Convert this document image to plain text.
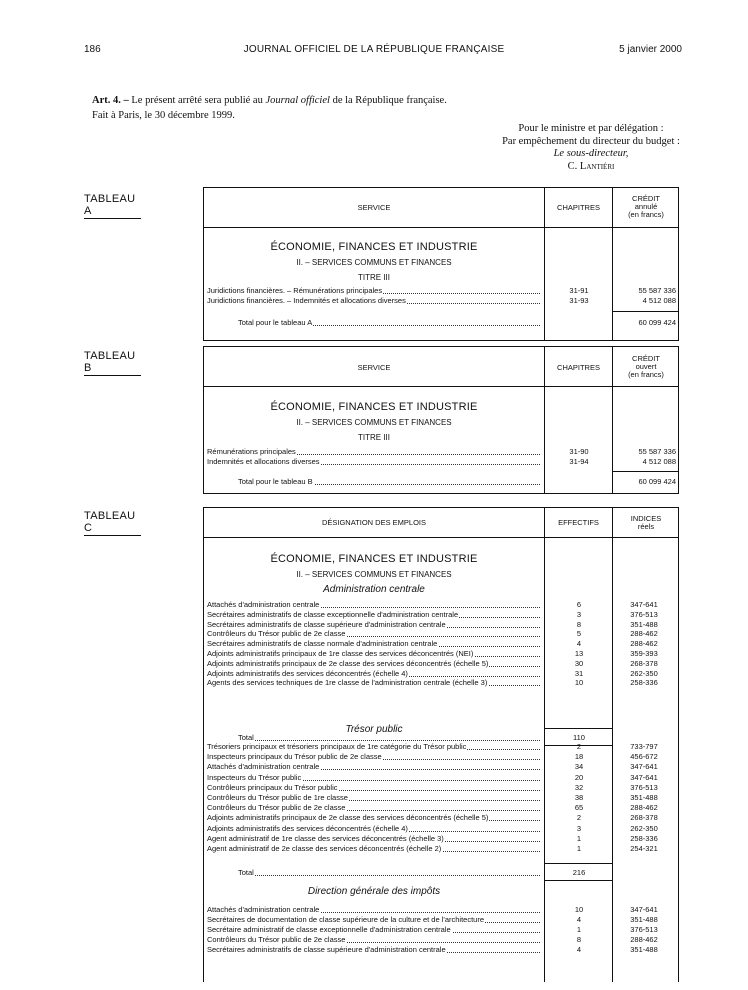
186	JOURNAL OFFICIEL DE LA RÉPUBLIQUE FRANÇAISE	5 janvier 2000
Art. 4. – Le présent arrêté sera publié au Journal officiel de la République française.
Fait à Paris, le 30 décembre 1999.
Pour le ministre et par délégation :
Par empêchement du directeur du budget :
Le sous-directeur,
C. Lantiéri
TABLEAU A	SERVICE	CHAPITRES
CRÉDIT
annulé
(en francs)
ÉCONOMIE, FINANCES ET INDUSTRIE
II. – SERVICES COMMUNS ET FINANCES
TITRE III
Juridictions financières. – Rémunérations principales	31-91	55 587 336
Juridictions financières. – Indemnités et allocations diverses	31-93	4 512 088
Total pour le tableau A	60 099 424
TABLEAU B	SERVICE	CHAPITRES
CRÉDIT
ouvert
(en francs)
ÉCONOMIE, FINANCES ET INDUSTRIE
II. – SERVICES COMMUNS ET FINANCES
TITRE III
Rémunérations principales	31-90	55 587 336
Indemnités et allocations diverses	31-94	4 512 088
Total pour le tableau B	60 099 424
TABLEAU C	DÉSIGNATION DES EMPLOIS	EFFECTIFS	INDICES
réels
ÉCONOMIE, FINANCES ET INDUSTRIE
II. – SERVICES COMMUNS ET FINANCES
Administration centrale
Attachés d'administration centrale	6	347-641
Secrétaires administratifs de classe exceptionnelle d'administration centrale	3	376-513
Secrétaires administratifs de classe supérieure d'administration centrale	8	351-488
Contrôleurs du Trésor public de 2e classe	5	288-462
Secrétaires administratifs de classe normale d'administration centrale	4	288-462
Adjoints administratifs principaux de 1re classe des services déconcentrés (NEI)	13	359-393
Adjoints administratifs principaux de 2e classe des services déconcentrés (échelle 5)	30	268-378
Adjoints administratifs des services déconcentrés (échelle 4)	31	262-350
Agents des services techniques de 1re classe de l'administration centrale (échelle 3)	10	258-336
Total	110
Trésor public
Trésoriers principaux et trésoriers principaux de 1re catégorie du Trésor public	2	733-797
Inspecteurs principaux du Trésor public de 2e classe	18	456-672
Attachés d'administration centrale	34	347-641
Inspecteurs du Trésor public	20	347-641
Contrôleurs principaux du Trésor public	32	376-513
Contrôleurs du Trésor public de 1re classe	38	351-488
Contrôleurs du Trésor public de 2e classe	65	288-462
Adjoints administratifs principaux de 2e classe des services déconcentrés (échelle 5)	2	268-378
Adjoints administratifs des services déconcentrés (échelle 4)	3	262-350
Agent administratif de 1re classe des services déconcentrés (échelle 3)	1	258-336
Agent administratif de 2e classe des services déconcentrés (échelle 2)	1	254-321
Total	216
Direction générale des impôts
Attachés d'administration centrale	10	347-641
Secrétaires de documentation de classe supérieure de la culture et de l'architecture	4	351-488
Secrétaire administratif de classe exceptionnelle d'administration centrale	1	376-513
Contrôleurs du Trésor public de 2e classe	8	288-462
Secrétaires administratifs de classe supérieure d'administration centrale	4	351-488
